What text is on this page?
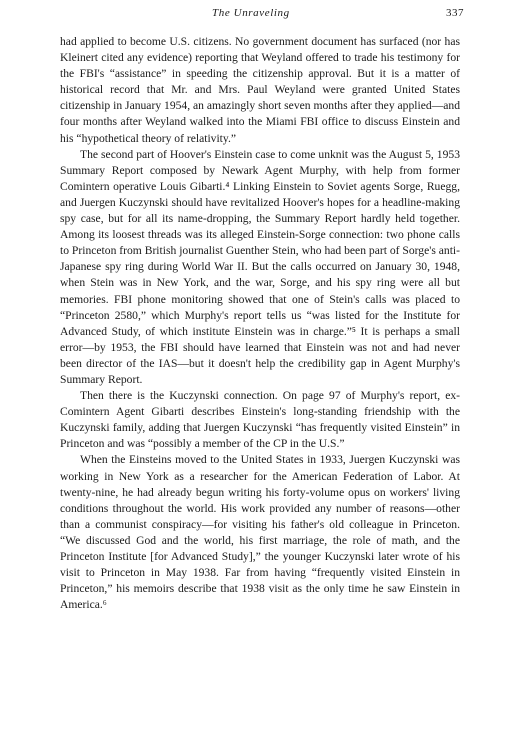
The Unraveling	337

had applied to become U.S. citizens. No government document has surfaced (nor has Kleinert cited any evidence) reporting that Weyland offered to trade his testimony for the FBI's “assistance” in speeding the citizenship approval. But it is a matter of historical record that Mr. and Mrs. Paul Weyland were granted United States citizenship in January 1954, an amazingly short seven months after they applied—and four months after Weyland walked into the Miami FBI office to discuss Einstein and his “hypothetical theory of relativity.”

The second part of Hoover's Einstein case to come unknit was the August 5, 1953 Summary Report composed by Newark Agent Murphy, with help from former Comintern operative Louis Gibarti.⁴ Linking Einstein to Soviet agents Sorge, Ruegg, and Juergen Kuczynski should have revitalized Hoover's hopes for a headline-making spy case, but for all its name-dropping, the Summary Report hardly held together. Among its loosest threads was its alleged Einstein-Sorge connection: two phone calls to Princeton from British journalist Guenther Stein, who had been part of Sorge's anti-Japanese spy ring during World War II. But the calls occurred on January 30, 1948, when Stein was in New York, and the war, Sorge, and his spy ring were all but memories. FBI phone monitoring showed that one of Stein's calls was placed to “Princeton 2580,” which Murphy's report tells us “was listed for the Institute for Advanced Study, of which institute Einstein was in charge.”⁵ It is perhaps a small error—by 1953, the FBI should have learned that Einstein was not and had never been director of the IAS—but it doesn't help the credibility gap in Agent Murphy's Summary Report.

Then there is the Kuczynski connection. On page 97 of Murphy's report, ex-Comintern Agent Gibarti describes Einstein's long-standing friendship with the Kuczynski family, adding that Juergen Kuczynski “has frequently visited Einstein” in Princeton and was “possibly a member of the CP in the U.S.”

When the Einsteins moved to the United States in 1933, Juergen Kuczynski was working in New York as a researcher for the American Federation of Labor. At twenty-nine, he had already begun writing his forty-volume opus on workers' living conditions throughout the world. His work provided any number of reasons—other than a communist conspiracy—for visiting his father's old colleague in Princeton. “We discussed God and the world, his first marriage, the role of math, and the Princeton Institute [for Advanced Study],” the younger Kuczynski later wrote of his visit to Princeton in May 1938. Far from having “frequently visited Einstein in Princeton,” his memoirs describe that 1938 visit as the only time he saw Einstein in America.⁶
